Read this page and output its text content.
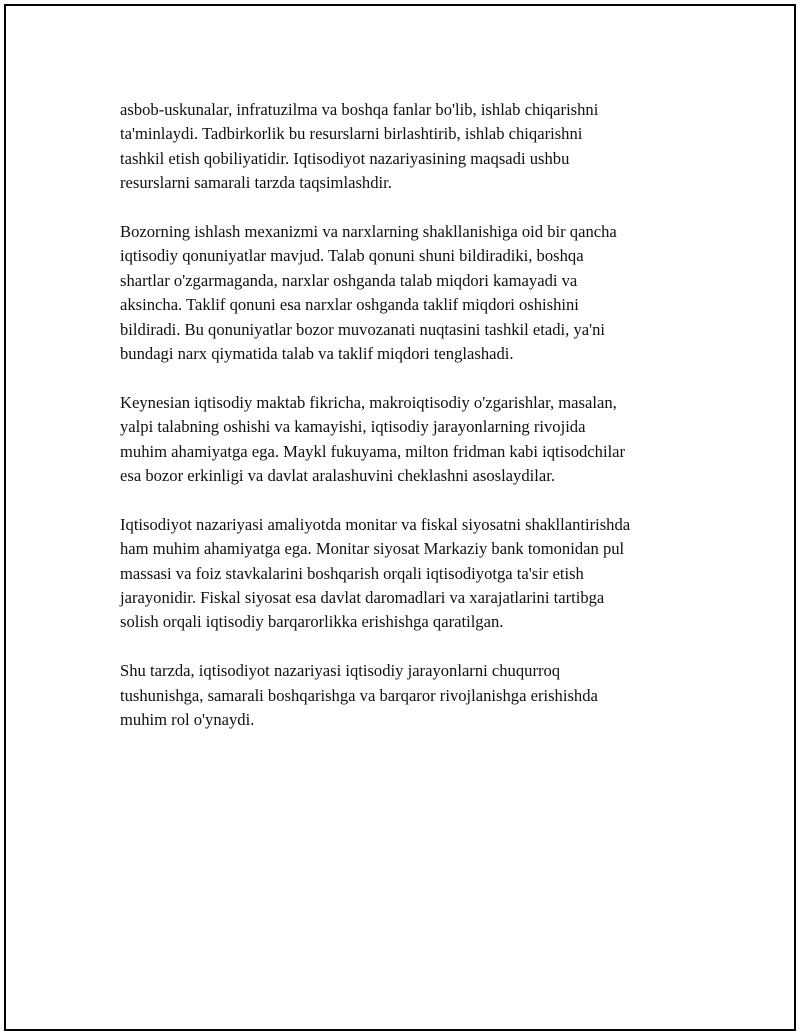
asbob-uskunalar, infratuzilma va boshqa fanlar bo'lib, ishlab chiqarishni
ta'minlaydi. Tadbirkorlik bu resurslarni birlashtirib, ishlab chiqarishni
tashkil etish qobiliyatidir. Iqtisodiyot nazariyasining maqsadi ushbu
resurslarni samarali tarzda taqsimlashdir.

Bozorning ishlash mexanizmi va narxlarning shakllanishiga oid bir qancha
iqtisodiy qonuniyatlar mavjud. Talab qonuni shuni bildiradiki, boshqa
shartlar o'zgarmaganda, narxlar oshganda talab miqdori kamayadi va
aksincha. Taklif qonuni esa narxlar oshganda taklif miqdori oshishini
bildiradi. Bu qonuniyatlar bozor muvozanati nuqtasini tashkil etadi, ya'ni
bundagi narx qiymatida talab va taklif miqdori tenglashadi.

Keynesian iqtisodiy maktab fikricha, makroiqtisodiy o'zgarishlar, masalan,
yalpi talabning oshishi va kamayishi, iqtisodiy jarayonlarning rivojida
muhim ahamiyatga ega. Maykl fukuyama, milton fridman kabi iqtisodchilar
esa bozor erkinligi va davlat aralashuvini cheklashni asoslaydilar.

Iqtisodiyot nazariyasi amaliyotda monitar va fiskal siyosatni shakllantirishda
ham muhim ahamiyatga ega. Monitar siyosat Markaziy bank tomonidan pul
massasi va foiz stavkalarini boshqarish orqali iqtisodiyotga ta'sir etish
jarayonidir. Fiskal siyosat esa davlat daromadlari va xarajatlarini tartibga
solish orqali iqtisodiy barqarorlikka erishishga qaratilgan.

Shu tarzda, iqtisodiyot nazariyasi iqtisodiy jarayonlarni chuqurroq
tushunishga, samarali boshqarishga va barqaror rivojlanishga erishishda
muhim rol o'ynaydi.
